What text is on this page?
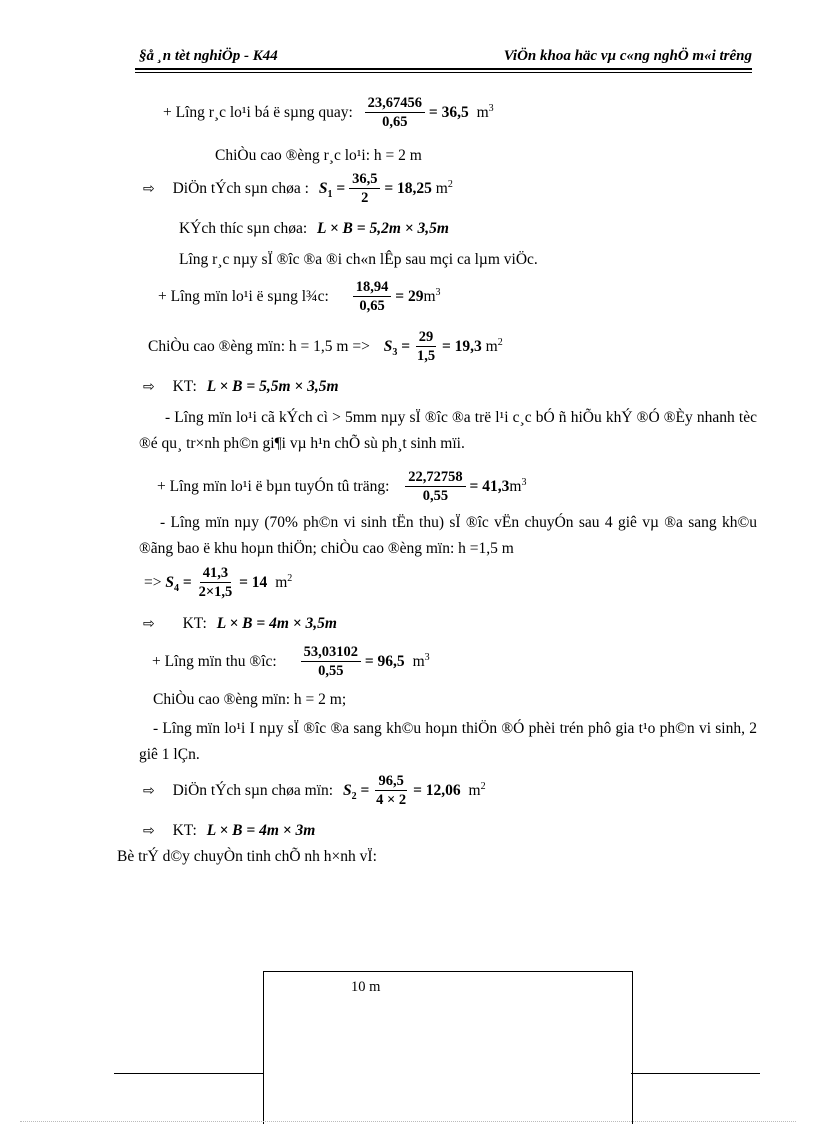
§å ¸n tèt nghiÖp - K44	ViÖn khoa häc vµ c«ng nghÖ m«i trêng
+ Lîng r¸c lo¹i bá ë sµng quay: $\frac{23,67456}{0,65} = 36,5$ $m^3$
ChiÒu cao ®èng r¸c lo¹i: h = 2 m
⇨ DiÖn tÝch sµn chøa : $S_1 = \frac{36,5}{2} = 18,25$ $m^2$
KÝch thíc sµn chøa: L × B = 5,2m × 3,5m
Lîng r¸c nµy sÏ ®îc ®a ®i ch«n lÊp sau mçi ca lµm viÖc.
+ Lîng mïn lo¹i ë sµng l¾c: $\frac{18,94}{0,65} = 29m^3$
ChiÒu cao ®èng mïn: h = 1,5 $m => S_3 = \frac{29}{1,5} = 19,3$ $m^2$
⇨ KT: L × B = 5,5m × 3,5m
- Lîng mïn lo¹i cã kÝch cì > 5mm nµy sÏ ®îc ®a trë l¹i c¸c bÓ ñ hiÕu khÝ ®Ó ®Èy nhanh tèc ®é qu¸ tr×nh ph©n gi¶i vµ h¹n chÕ sù ph¸t sinh mïi.
+ Lîng mïn lo¹i ë bµn tuyÓn tû träng: $\frac{22,72758}{0,55} = 41,3m^3$
- Lîng mïn nµy (70% ph©n vi sinh tËn thu) sÏ ®îc vËn chuyÓn sau 4 giê vµ ®a sang kh©u ®ãng bao ë khu hoµn thiÖn; chiÒu cao ®èng mïn: h =1,5 m
=> $S_4 = \frac{41,3}{2\times 1,5} = 14$ $m^2$
⇨ KT: L × B = 4m × 3,5m
+ Lîng mïn thu ®îc: $\frac{53,03102}{0,55} = 96,5$ $m^3$
ChiÒu cao ®èng mïn: h = 2 m;
- Lîng mïn lo¹i I nµy sÏ ®îc ®a sang kh©u hoµn thiÖn ®Ó phèi trén phô gia t¹o ph©n vi sinh, 2 giê 1 lÇn.
⇨ DiÖn tÝch sµn chøa mïn: $S_2 = \frac{96,5}{4 \times 2} = 12,06$ $m^2$
⇨ KT: L × B = 4m × 3m
Bè trÝ d©y chuyÒn tinh chÕ nh h×nh vÏ:
10 m
